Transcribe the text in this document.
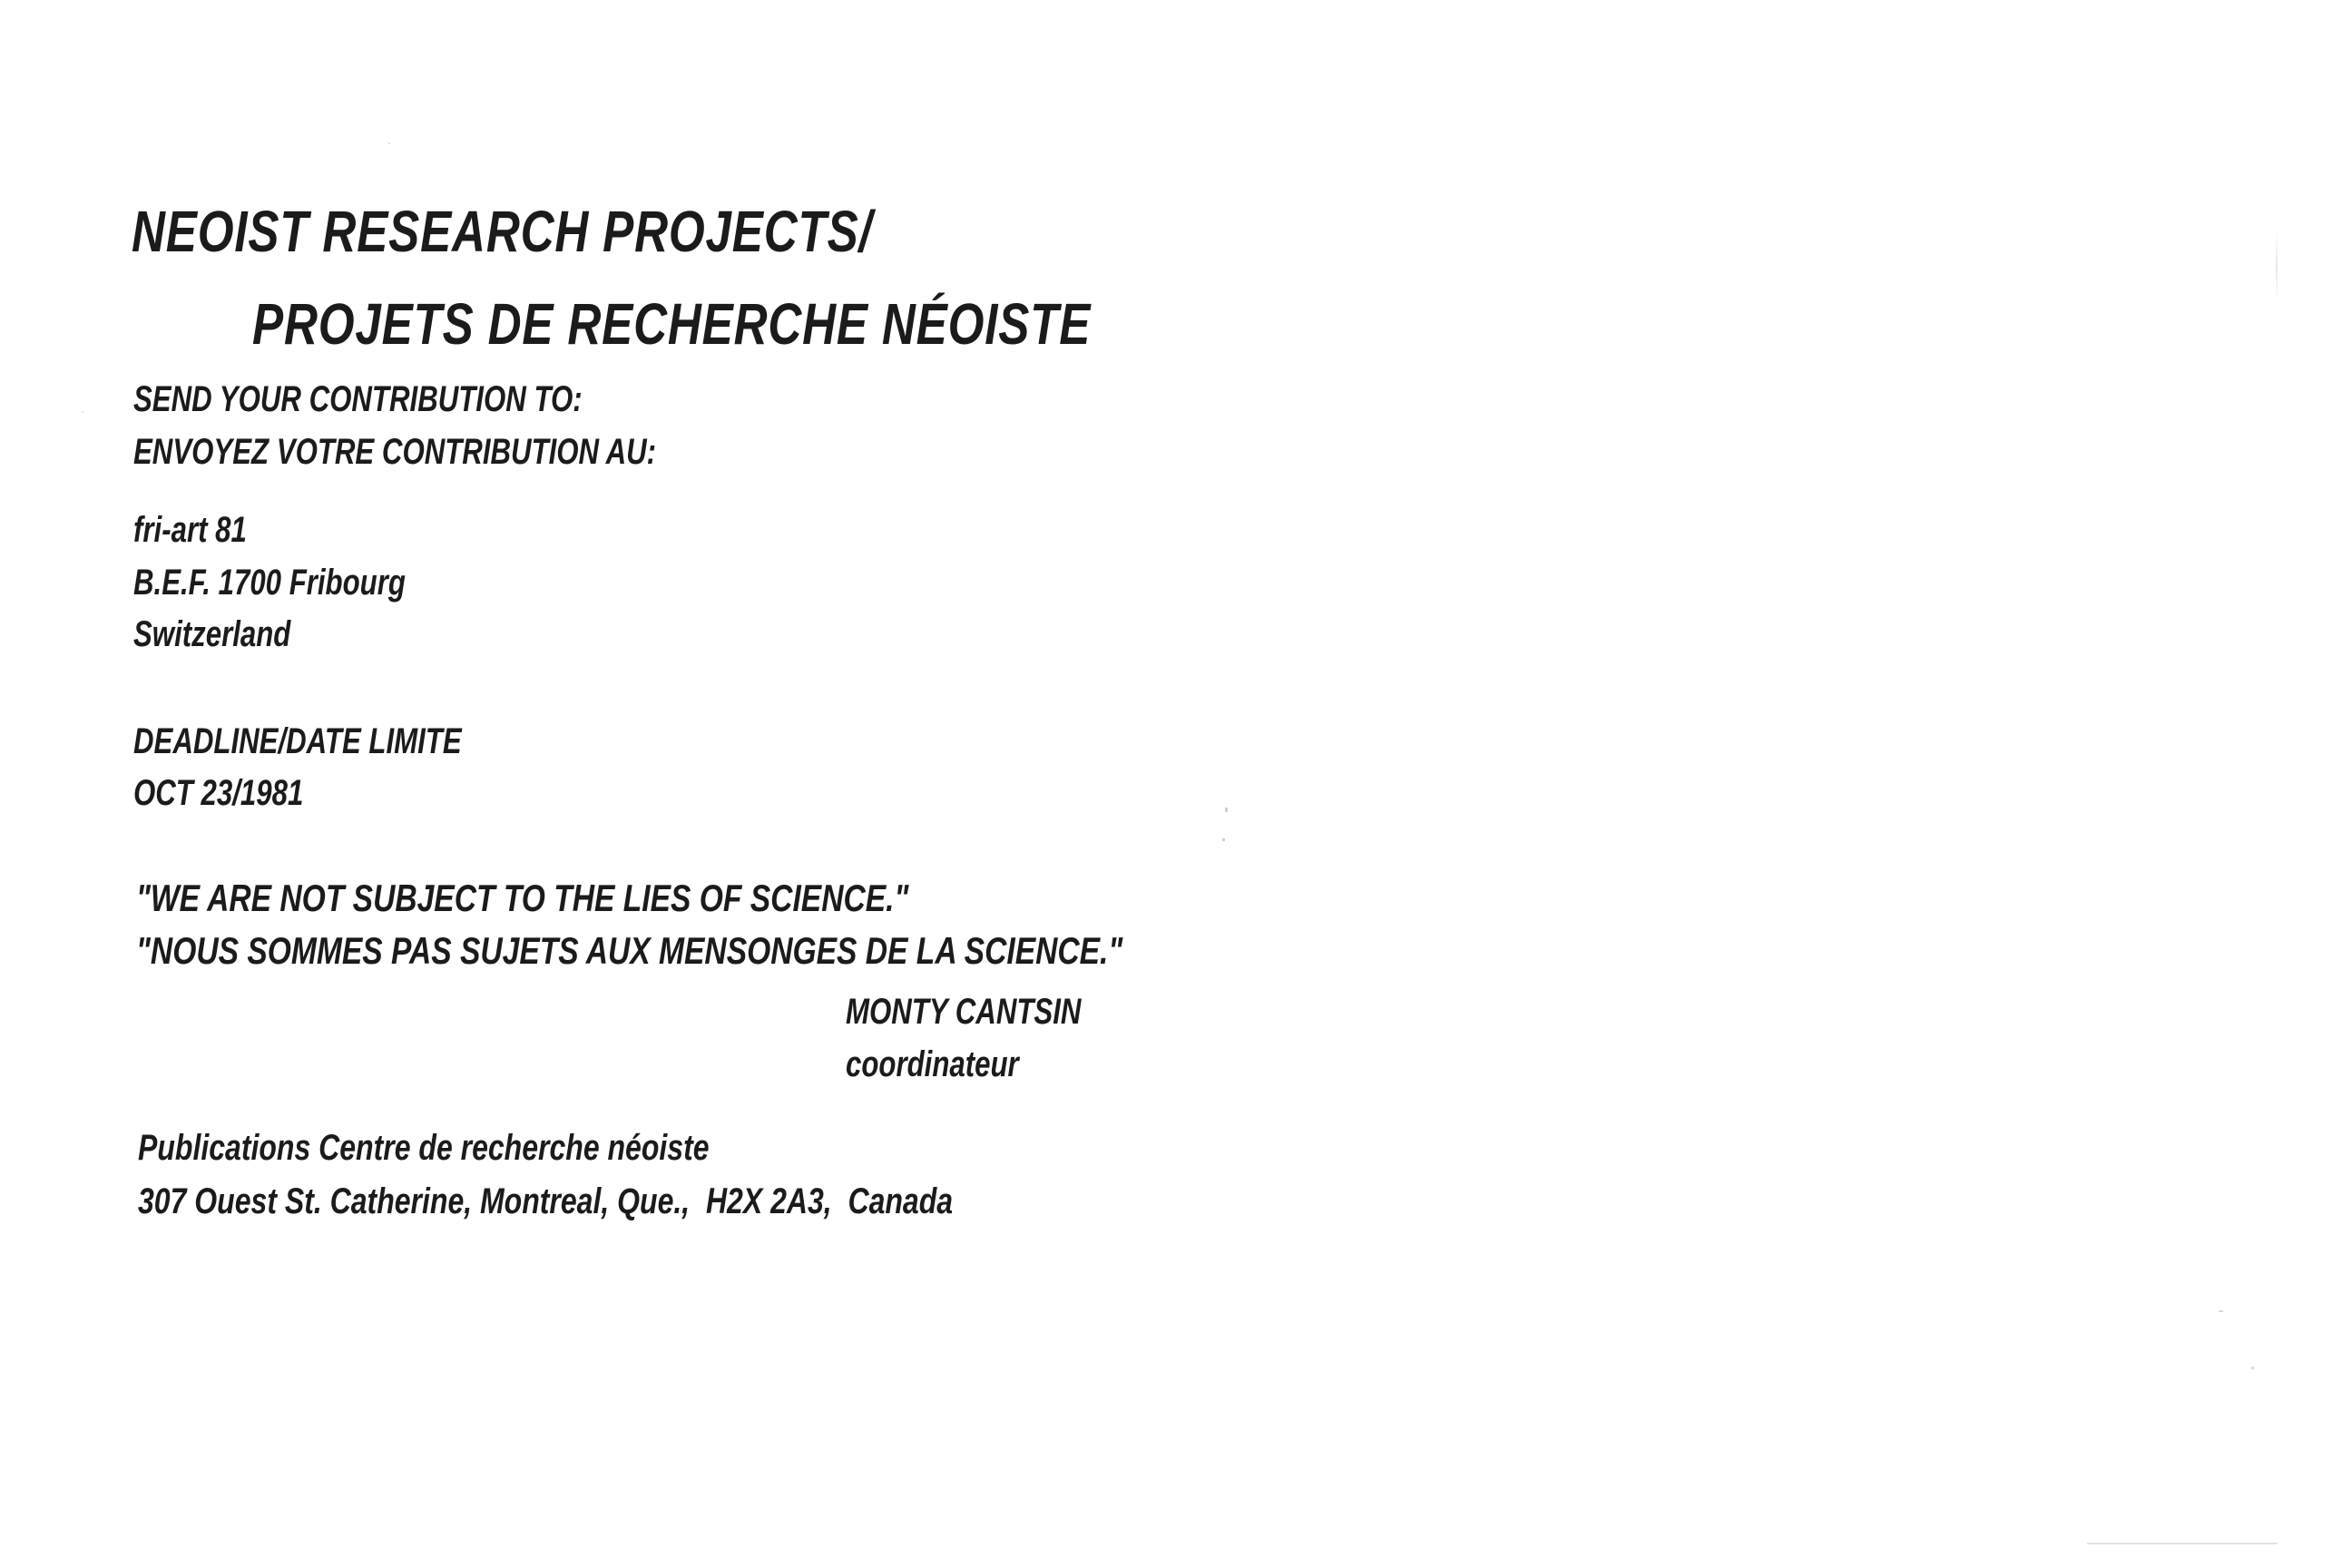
NEOIST RESEARCH PROJECTS/
PROJETS DE RECHERCHE NÉOISTE
SEND YOUR CONTRIBUTION TO:
ENVOYEZ VOTRE CONTRIBUTION AU:
fri-art 81
B.E.F. 1700 Fribourg
Switzerland
DEADLINE/DATE LIMITE
OCT 23/1981
"WE ARE NOT SUBJECT TO THE LIES OF SCIENCE."
"NOUS SOMMES PAS SUJETS AUX MENSONGES DE LA SCIENCE."
MONTY CANTSIN
coordinateur
Publications Centre de recherche néoiste
307 Ouest St. Catherine, Montreal, Que.,  H2X 2A3,  Canada
